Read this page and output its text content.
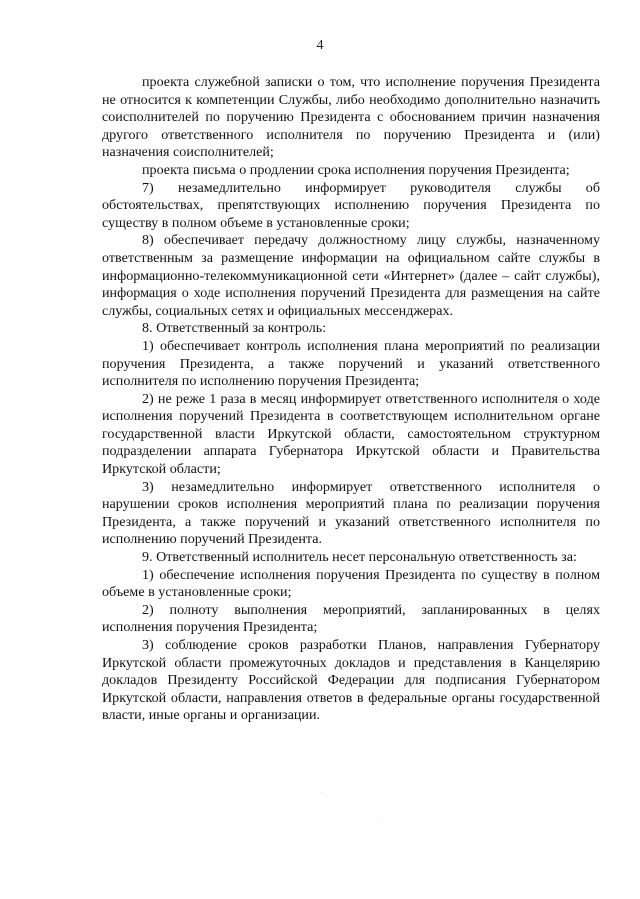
4

проекта служебной записки о том, что исполнение поручения Президента не относится к компетенции Службы, либо необходимо дополнительно назначить соисполнителей по поручению Президента с обоснованием причин назначения другого ответственного исполнителя по поручению Президента и (или) назначения соисполнителей;

проекта письма о продлении срока исполнения поручения Президента;

7) незамедлительно информирует руководителя службы об обстоятельствах, препятствующих исполнению поручения Президента по существу в полном объеме в установленные сроки;

8) обеспечивает передачу должностному лицу службы, назначенному ответственным за размещение информации на официальном сайте службы в информационно-телекоммуникационной сети «Интернет» (далее – сайт службы), информация о ходе исполнения поручений Президента для размещения на сайте службы, социальных сетях и официальных мессенджерах.

8. Ответственный за контроль:

1) обеспечивает контроль исполнения плана мероприятий по реализации поручения Президента, а также поручений и указаний ответственного исполнителя по исполнению поручения Президента;

2) не реже 1 раза в месяц информирует ответственного исполнителя о ходе исполнения поручений Президента в соответствующем исполнительном органе государственной власти Иркутской области, самостоятельном структурном подразделении аппарата Губернатора Иркутской области и Правительства Иркутской области;

3) незамедлительно информирует ответственного исполнителя о нарушении сроков исполнения мероприятий плана по реализации поручения Президента, а также поручений и указаний ответственного исполнителя по исполнению поручений Президента.

9. Ответственный исполнитель несет персональную ответственность за:

1) обеспечение исполнения поручения Президента по существу в полном объеме в установленные сроки;

2) полноту выполнения мероприятий, запланированных в целях исполнения поручения Президента;

3) соблюдение сроков разработки Планов, направления Губернатору Иркутской области промежуточных докладов и представления в Канцелярию докладов Президенту Российской Федерации для подписания Губернатором Иркутской области, направления ответов в федеральные органы государственной власти, иные органы и организации.
